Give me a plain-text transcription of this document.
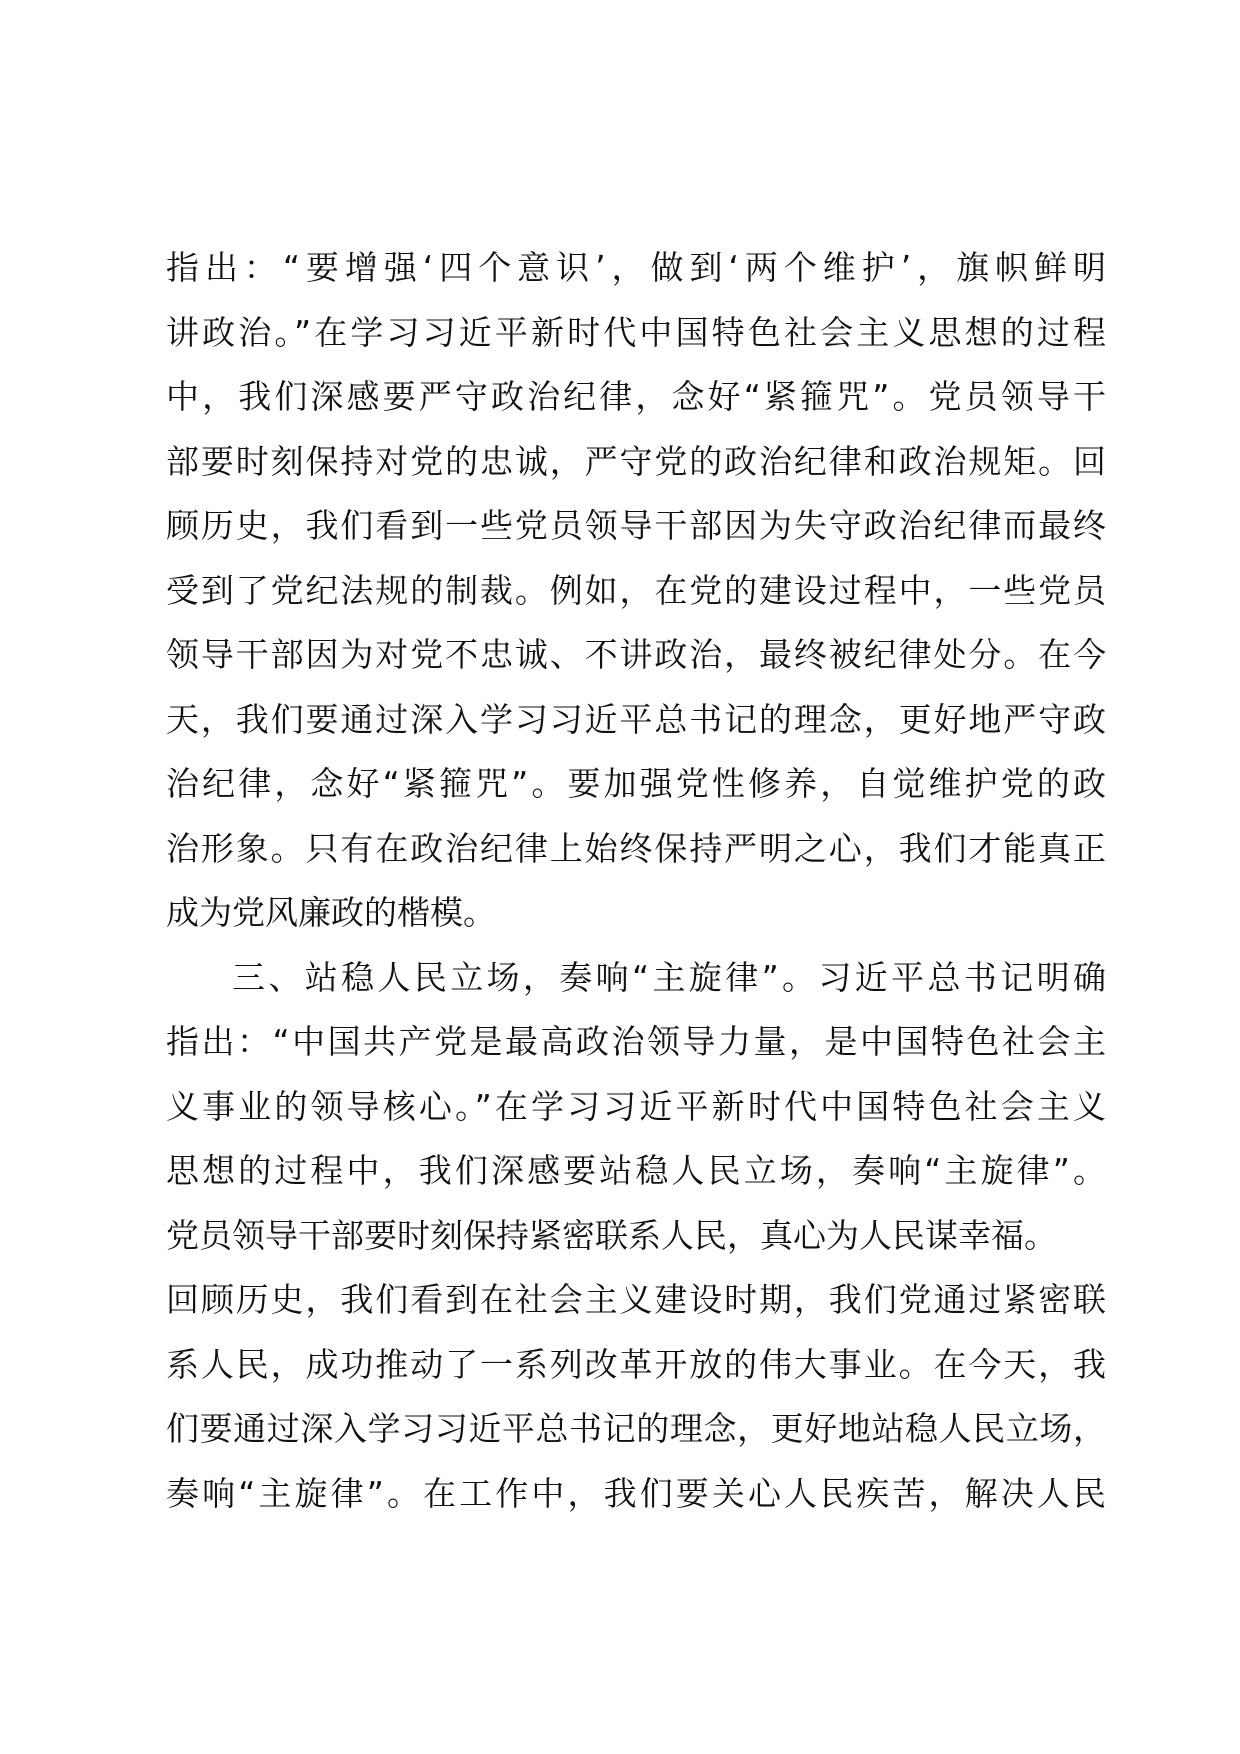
指出：“要增强‘四个意识’，做到‘两个维护’，旗帜鲜明
讲政治。”在学习习近平新时代中国特色社会主义思想的过程
中，我们深感要严守政治纪律，念好“紧箍咒”。党员领导干
部要时刻保持对党的忠诚，严守党的政治纪律和政治规矩。回
顾历史，我们看到一些党员领导干部因为失守政治纪律而最终
受到了党纪法规的制裁。例如，在党的建设过程中，一些党员
领导干部因为对党不忠诚、不讲政治，最终被纪律处分。在今
天，我们要通过深入学习习近平总书记的理念，更好地严守政
治纪律，念好“紧箍咒”。要加强党性修养，自觉维护党的政
治形象。只有在政治纪律上始终保持严明之心，我们才能真正
成为党风廉政的楷模。
三、站稳人民立场，奏响“主旋律”。习近平总书记明确
指出：“中国共产党是最高政治领导力量，是中国特色社会主
义事业的领导核心。”在学习习近平新时代中国特色社会主义
思想的过程中，我们深感要站稳人民立场，奏响“主旋律”。
党员领导干部要时刻保持紧密联系人民，真心为人民谋幸福。
回顾历史，我们看到在社会主义建设时期，我们党通过紧密联
系人民，成功推动了一系列改革开放的伟大事业。在今天，我
们要通过深入学习习近平总书记的理念，更好地站稳人民立场，
奏响“主旋律”。在工作中，我们要关心人民疾苦，解决人民
